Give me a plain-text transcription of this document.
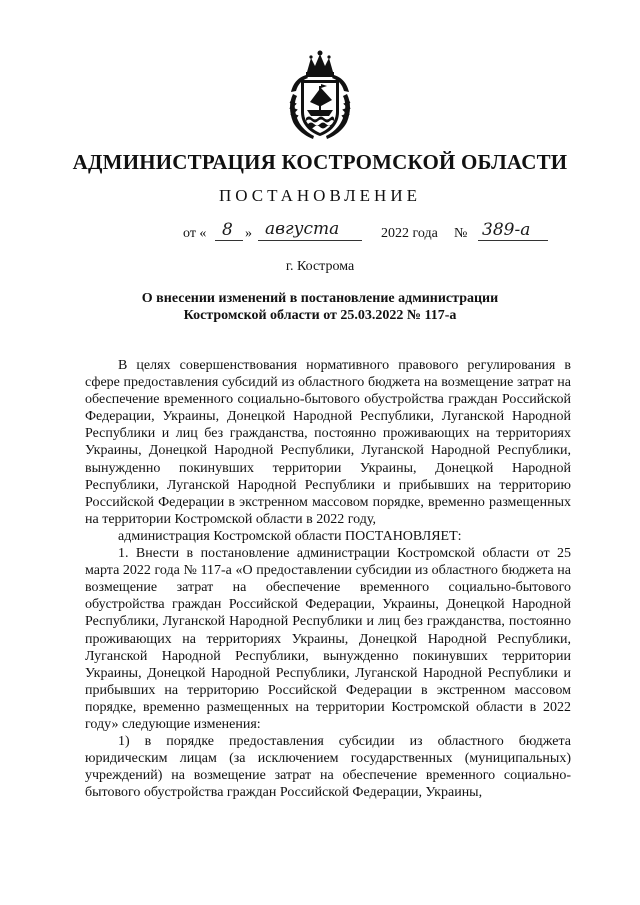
АДМИНИСТРАЦИЯ КОСТРОМСКОЙ ОБЛАСТИ
ПОСТАНОВЛЕНИЕ
от « 8 » августа	2022 года № 389-а
г. Кострома
О внесении изменений в постановление администрации
Костромской области от 25.03.2022 № 117-а

В целях совершенствования нормативного правового регулирования в сфере предоставления субсидий из областного бюджета на возмещение затрат на обеспечение временного социально-бытового обустройства граждан Российской Федерации, Украины, Донецкой Народной Республики, Луганской Народной Республики и лиц без гражданства, постоянно проживающих на территориях Украины, Донецкой Народной Республики, Луганской Народной Республики, вынужденно покинувших территории Украины, Донецкой Народной Республики, Луганской Народной Республики и прибывших на территорию Российской Федерации в экстренном массовом порядке, временно размещенных на территории Костромской области в 2022 году,

администрация Костромской области ПОСТАНОВЛЯЕТ:

1. Внести в постановление администрации Костромской области от 25 марта 2022 года № 117-а «О предоставлении субсидии из областного бюджета на возмещение затрат на обеспечение временного социально-бытового обустройства граждан Российской Федерации, Украины, Донецкой Народной Республики, Луганской Народной Республики и лиц без гражданства, постоянно проживающих на территориях Украины, Донецкой Народной Республики, Луганской Народной Республики, вынужденно покинувших территории Украины, Донецкой Народной Республики, Луганской Народной Республики и прибывших на территорию Российской Федерации в экстренном массовом порядке, временно размещенных на территории Костромской области в 2022 году» следующие изменения:

1) в порядке предоставления субсидии из областного бюджета юридическим лицам (за исключением государственных (муниципальных) учреждений) на возмещение затрат на обеспечение временного социально-бытового обустройства граждан Российской Федерации, Украины,
